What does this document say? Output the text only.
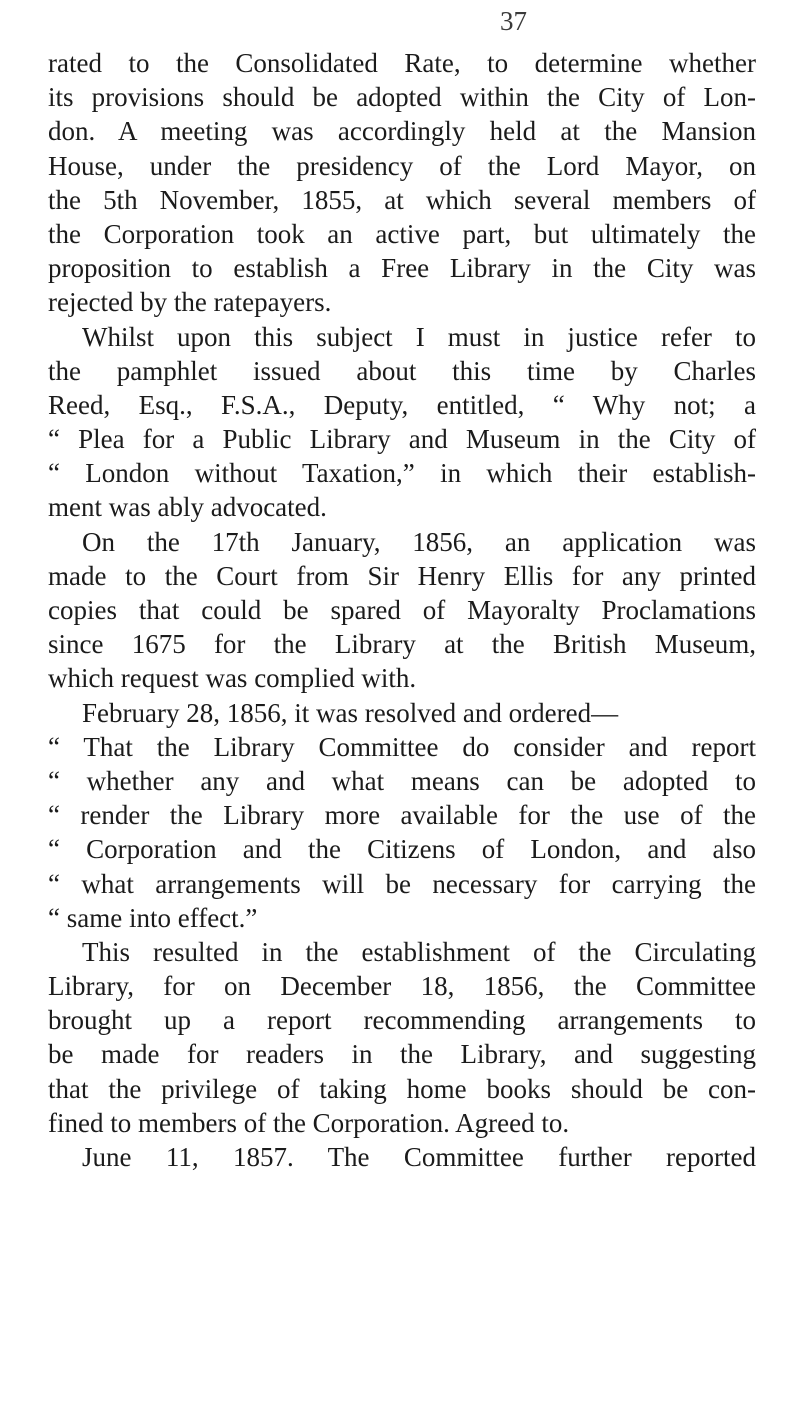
37
rated to the Consolidated Rate, to determine whether
its provisions should be adopted within the City of Lon-
don. A meeting was accordingly held at the Mansion
House, under the presidency of the Lord Mayor, on
the 5th November, 1855, at which several members of
the Corporation took an active part, but ultimately the
proposition to establish a Free Library in the City was
rejected by the ratepayers.
Whilst upon this subject I must in justice refer to
the pamphlet issued about this time by Charles
Reed, Esq., F.S.A., Deputy, entitled, “ Why not; a
“ Plea for a Public Library and Museum in the City of
“ London without Taxation,” in which their establish-
ment was ably advocated.
On the 17th January, 1856, an application was
made to the Court from Sir Henry Ellis for any printed
copies that could be spared of Mayoralty Proclamations
since 1675 for the Library at the British Museum,
which request was complied with.
February 28, 1856, it was resolved and ordered—
“ That the Library Committee do consider and report
“ whether any and what means can be adopted to
“ render the Library more available for the use of the
“ Corporation and the Citizens of London, and also
“ what arrangements will be necessary for carrying the
“ same into effect.”
This resulted in the establishment of the Circulating
Library, for on December 18, 1856, the Committee
brought up a report recommending arrangements to
be made for readers in the Library, and suggesting
that the privilege of taking home books should be con-
fined to members of the Corporation. Agreed to.
June 11, 1857. The Committee further reported
